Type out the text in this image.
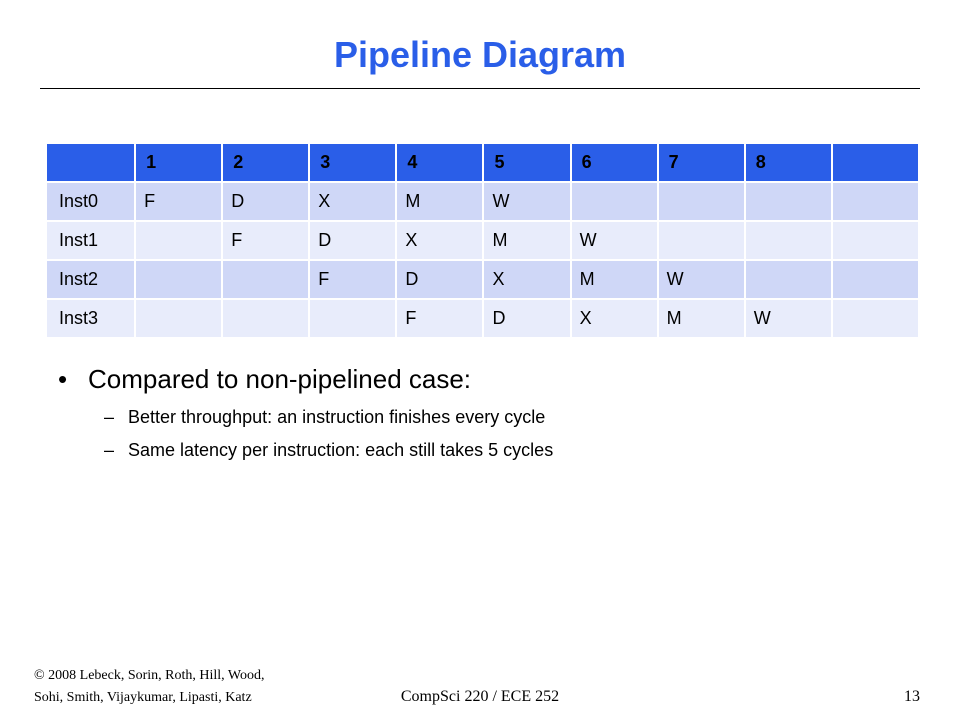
Pipeline Diagram
	1	2	3	4	5	6	7	8	
Inst0	F	D	X	M	W				
Inst1		F	D	X	M	W			
Inst2			F	D	X	M	W		
Inst3				F	D	X	M	W	
• Compared to non-pipelined case:
– Better throughput: an instruction finishes every cycle
– Same latency per instruction: each still takes 5 cycles
© 2008 Lebeck, Sorin, Roth, Hill, Wood,
Sohi, Smith, Vijaykumar, Lipasti, Katz	CompSci 220 / ECE 252	13
